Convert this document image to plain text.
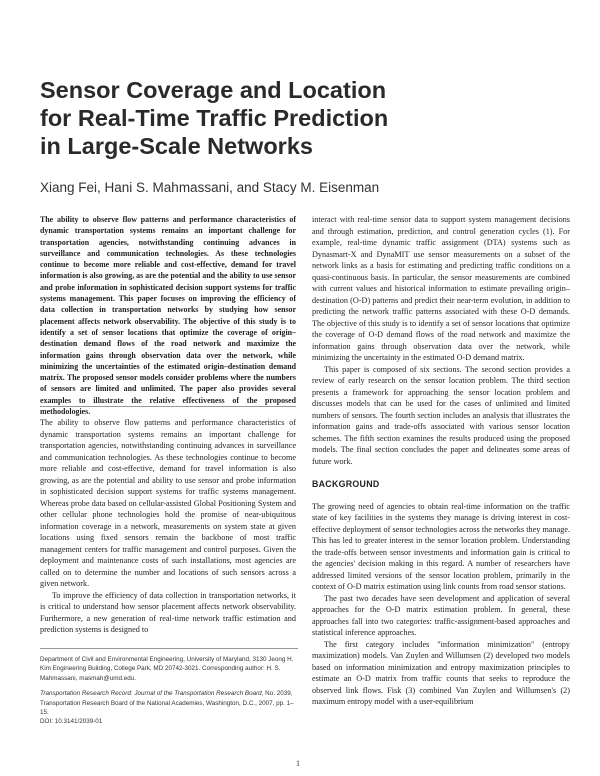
Sensor Coverage and Location
for Real-Time Traffic Prediction
in Large-Scale Networks
Xiang Fei, Hani S. Mahmassani, and Stacy M. Eisenman

The ability to observe flow patterns and performance characteristics of dynamic transportation systems remains an important challenge for transportation agencies, notwithstanding continuing advances in surveillance and communication technologies. As these technologies continue to become more reliable and cost-effective, demand for travel information is also growing, as are the potential and the ability to use sensor and probe information in sophisticated decision support systems for traffic systems management. This paper focuses on improving the efficiency of data collection in transportation networks by studying how sensor placement affects network observability. The objective of this study is to identify a set of sensor locations that optimize the coverage of origin–destination demand flows of the road network and maximize the information gains through observation data over the network, while minimizing the uncertainties of the estimated origin–destination demand matrix. The proposed sensor models consider problems where the numbers of sensors are limited and unlimited. The paper also provides several examples to illustrate the relative effectiveness of the proposed methodologies.

The ability to observe flow patterns and performance characteristics of dynamic transportation systems remains an important challenge for transportation agencies, notwithstanding continuing advances in surveillance and communication technologies. As these technologies continue to become more reliable and cost-effective, demand for travel information is also growing, as are the potential and ability to use sensor and probe information in sophisticated decision support systems for traffic systems management. Whereas probe data based on cellular-assisted Global Positioning System and other cellular phone technologies hold the promise of near-ubiquitous information coverage in a network, measurements on system state at given locations using fixed sensors remain the backbone of most traffic management centers for traffic management and control purposes. Given the deployment and maintenance costs of such installations, most agencies are called on to determine the number and locations of such sensors across a given network.

To improve the efficiency of data collection in transportation networks, it is critical to understand how sensor placement affects network observability. Furthermore, a new generation of real-time network traffic estimation and prediction systems is designed to

Department of Civil and Environmental Engineering, University of Maryland, 3130 Jeong H. Kim Engineering Building, College Park, MD 20742-3021. Corresponding author: H. S. Mahmassani, masmah@umd.edu.

Transportation Research Record: Journal of the Transportation Research Board, No. 2039, Transportation Research Board of the National Academies, Washington, D.C., 2007, pp. 1–15.
DOI: 10.3141/2039-01

interact with real-time sensor data to support system management decisions and through estimation, prediction, and control generation cycles (1). For example, real-time dynamic traffic assignment (DTA) systems such as Dynasmart-X and DynaMIT use sensor measurements on a subset of the network links as a basis for estimating and predicting traffic conditions on a quasi-continuous basis. In particular, the sensor measurements are combined with current values and historical information to estimate prevailing origin–destination (O-D) patterns and predict their near-term evolution, in addition to predicting the network traffic patterns associated with these O-D demands. The objective of this study is to identify a set of sensor locations that optimize the coverage of O-D demand flows of the road network and maximize the information gains through observation data over the network, while minimizing the uncertainty in the estimated O-D demand matrix.

This paper is composed of six sections. The second section provides a review of early research on the sensor location problem. The third section presents a framework for approaching the sensor location problem and discusses models that can be used for the cases of unlimited and limited numbers of sensors. The fourth section includes an analysis that illustrates the information gains and trade-offs associated with various sensor location schemes. The fifth section examines the results produced using the proposed models. The final section concludes the paper and delineates some areas of future work.

BACKGROUND

The growing need of agencies to obtain real-time information on the traffic state of key facilities in the systems they manage is driving interest in cost-effective deployment of sensor technologies across the networks they manage. This has led to greater interest in the sensor location problem. Understanding the trade-offs between sensor investments and information gain is critical to the agencies' decision making in this regard. A number of researchers have addressed limited versions of the sensor location problem, primarily in the context of O-D matrix estimation using link counts from road sensor stations.

The past two decades have seen development and application of several approaches for the O-D matrix estimation problem. In general, these approaches fall into two categories: traffic-assignment-based approaches and statistical inference approaches.

The first category includes "information minimization" (entropy maximization) models. Van Zuylen and Willumsen (2) developed two models based on information minimization and entropy maximization principles to estimate an O-D matrix from traffic counts that seeks to reproduce the observed link flows. Fisk (3) combined Van Zuylen and Willumsen's (2) maximum entropy model with a user-equilibrium

1
